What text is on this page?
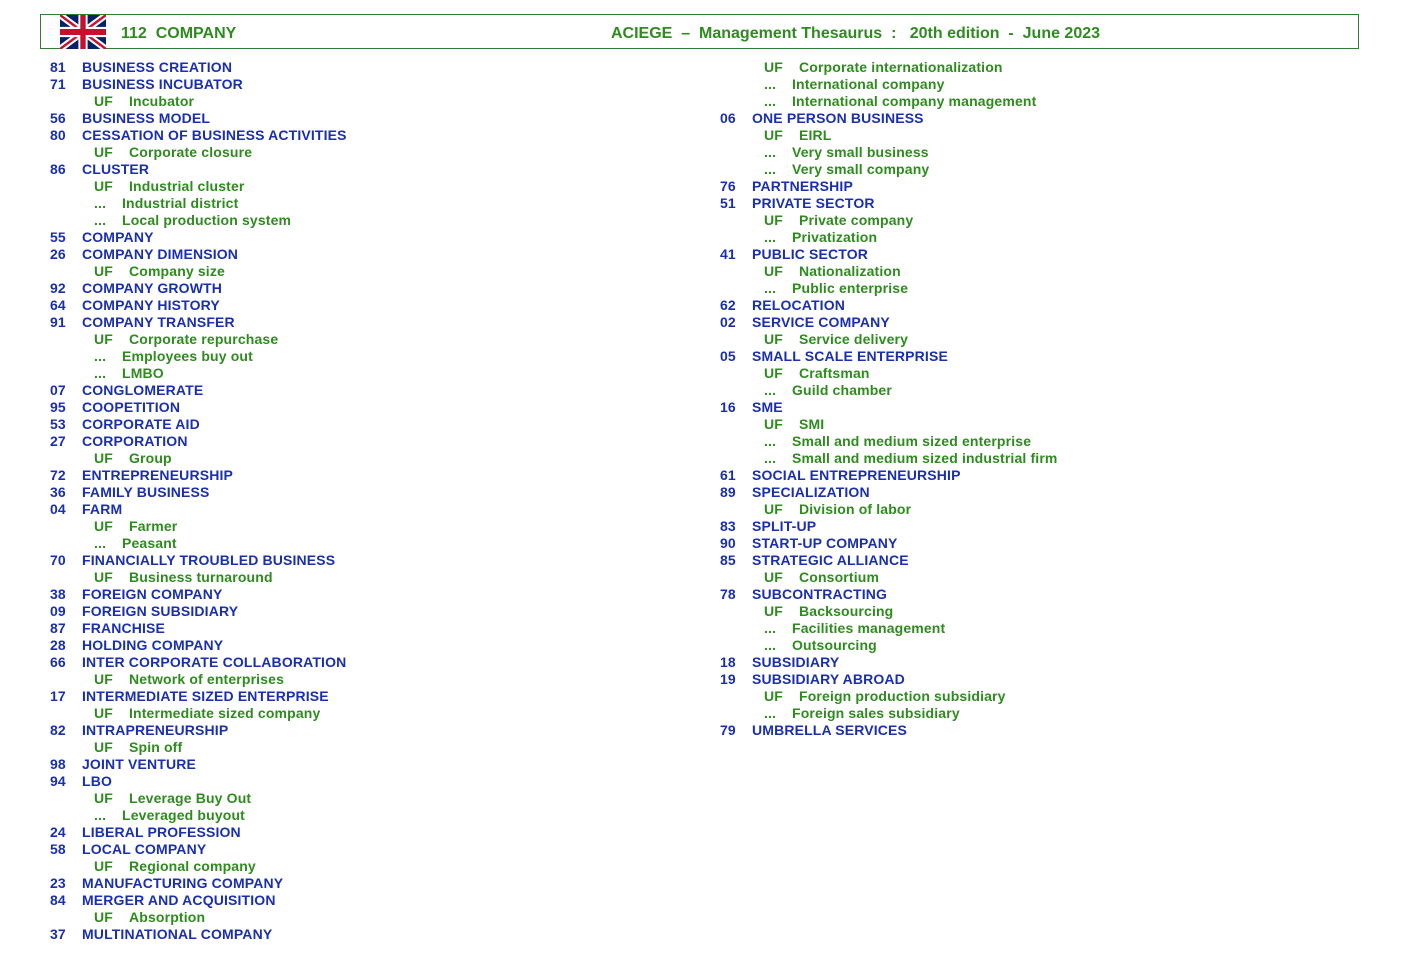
112 COMPANY	ACIEGE  –  Management Thesaurus  :   20th edition  -  June 2023
81 BUSINESS CREATION
71 BUSINESS INCUBATOR
UF Incubator
56 BUSINESS MODEL
80 CESSATION OF BUSINESS ACTIVITIES
UF Corporate closure
86 CLUSTER
UF Industrial cluster
... Industrial district
... Local production system
55 COMPANY
26 COMPANY DIMENSION
UF Company size
92 COMPANY GROWTH
64 COMPANY HISTORY
91 COMPANY TRANSFER
UF Corporate repurchase
... Employees buy out
... LMBO
07 CONGLOMERATE
95 COOPETITION
53 CORPORATE AID
27 CORPORATION
UF Group
72 ENTREPRENEURSHIP
36 FAMILY BUSINESS
04 FARM
UF Farmer
... Peasant
70 FINANCIALLY TROUBLED BUSINESS
UF Business turnaround
38 FOREIGN COMPANY
09 FOREIGN SUBSIDIARY
87 FRANCHISE
28 HOLDING COMPANY
66 INTER CORPORATE COLLABORATION
UF Network of enterprises
17 INTERMEDIATE SIZED ENTERPRISE
UF Intermediate sized company
82 INTRAPRENEURSHIP
UF Spin off
98 JOINT VENTURE
94 LBO
UF Leverage Buy Out
... Leveraged buyout
24 LIBERAL PROFESSION
58 LOCAL COMPANY
UF Regional company
23 MANUFACTURING COMPANY
84 MERGER AND ACQUISITION
UF Absorption
37 MULTINATIONAL COMPANY
UF Corporate internationalization
... International company
... International company management
06 ONE PERSON BUSINESS
UF EIRL
... Very small business
... Very small company
76 PARTNERSHIP
51 PRIVATE SECTOR
UF Private company
... Privatization
41 PUBLIC SECTOR
UF Nationalization
... Public enterprise
62 RELOCATION
02 SERVICE COMPANY
UF Service delivery
05 SMALL SCALE ENTERPRISE
UF Craftsman
... Guild chamber
16 SME
UF SMI
... Small and medium sized enterprise
... Small and medium sized industrial firm
61 SOCIAL ENTREPRENEURSHIP
89 SPECIALIZATION
UF Division of labor
83 SPLIT-UP
90 START-UP COMPANY
85 STRATEGIC ALLIANCE
UF Consortium
78 SUBCONTRACTING
UF Backsourcing
... Facilities management
... Outsourcing
18 SUBSIDIARY
19 SUBSIDIARY ABROAD
UF Foreign production subsidiary
... Foreign sales subsidiary
79 UMBRELLA SERVICES
